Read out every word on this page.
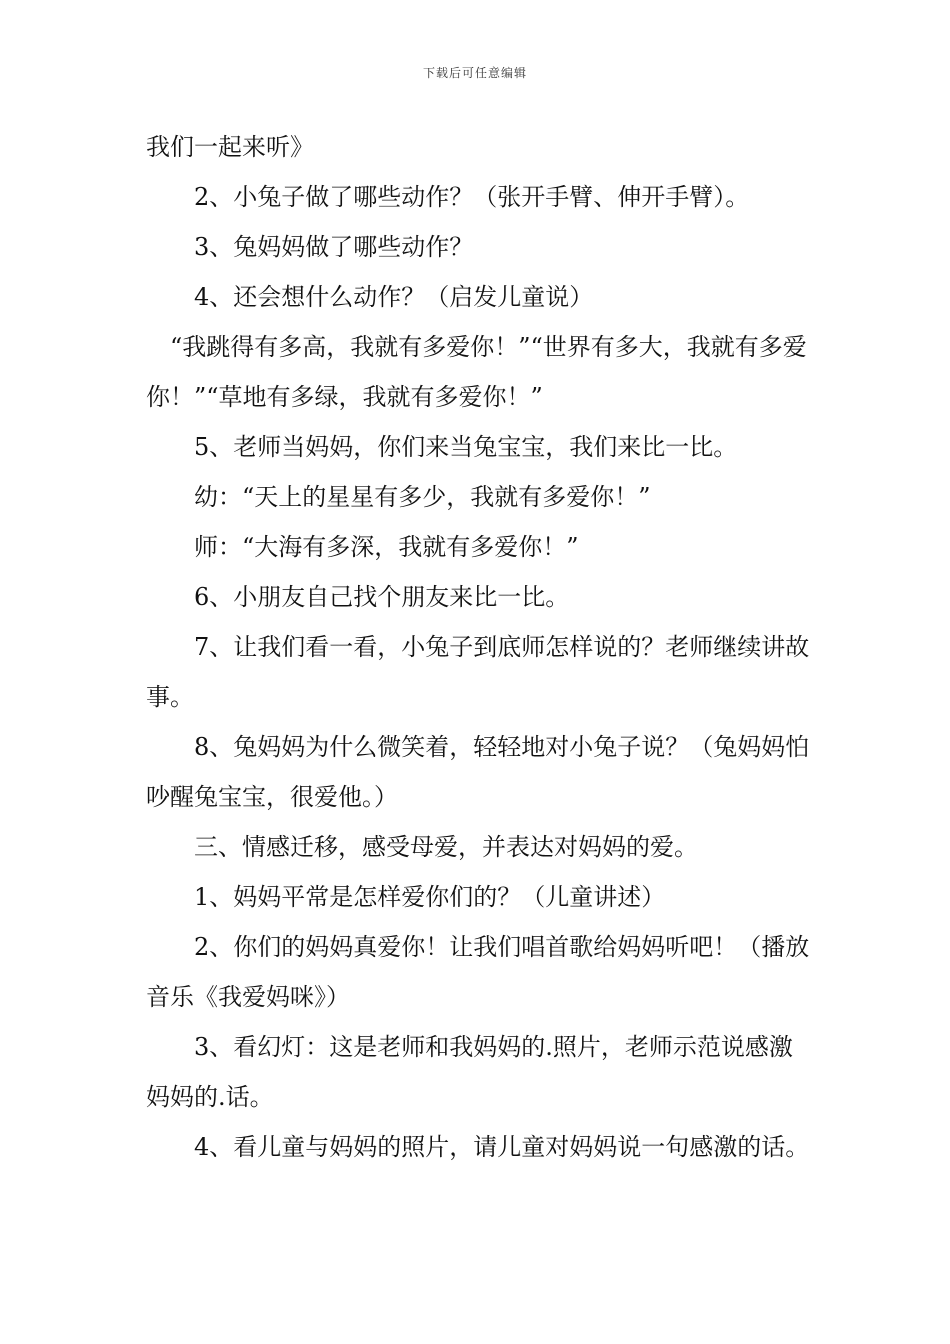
下载后可任意编辑

我们一起来听》

　　2、小兔子做了哪些动作？（张开手臂、伸开手臂）。

　　3、兔妈妈做了哪些动作？

　　4、还会想什么动作？（启发儿童说）

　“我跳得有多高，我就有多爱你！”“世界有多大，我就有多爱你！”“草地有多绿，我就有多爱你！”

　　5、老师当妈妈，你们来当兔宝宝，我们来比一比。

　　幼：“天上的星星有多少，我就有多爱你！”

　　师：“大海有多深，我就有多爱你！”

　　6、小朋友自己找个朋友来比一比。

　　7、让我们看一看，小兔子到底师怎样说的？老师继续讲故事。

　　8、兔妈妈为什么微笑着，轻轻地对小兔子说？（兔妈妈怕吵醒兔宝宝，很爱他。）

　　三、情感迁移，感受母爱，并表达对妈妈的爱。

　　1、妈妈平常是怎样爱你们的？（儿童讲述）

　　2、你们的妈妈真爱你！让我们唱首歌给妈妈听吧！（播放音乐《我爱妈咪》）

　　3、看幻灯：这是老师和我妈妈的.照片，老师示范说感激妈妈的.话。

　　4、看儿童与妈妈的照片，请儿童对妈妈说一句感激的话。
